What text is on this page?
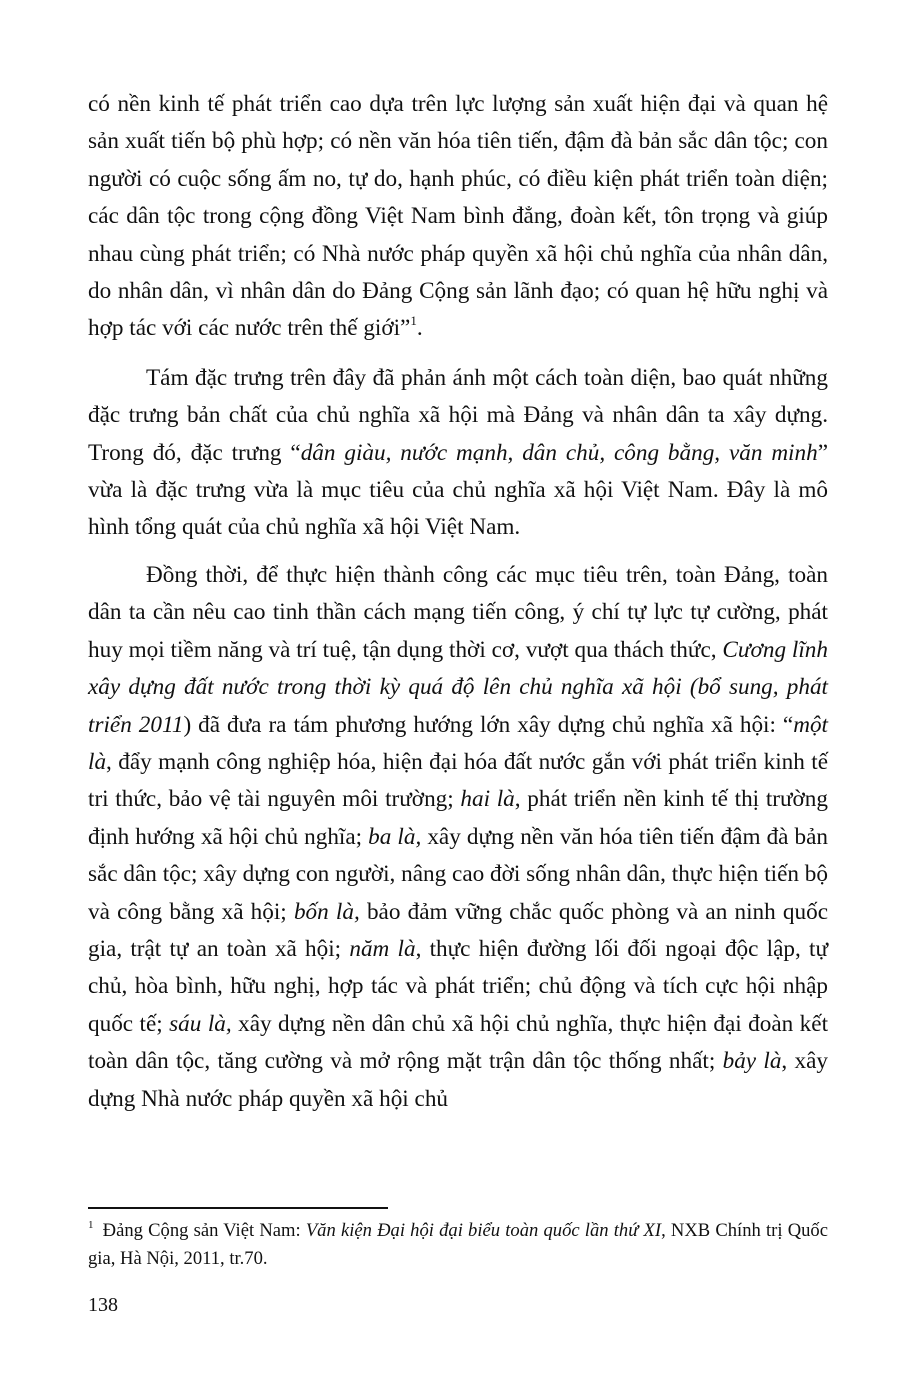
có nền kinh tế phát triển cao dựa trên lực lượng sản xuất hiện đại và quan hệ sản xuất tiến bộ phù hợp; có nền văn hóa tiên tiến, đậm đà bản sắc dân tộc; con người có cuộc sống ấm no, tự do, hạnh phúc, có điều kiện phát triển toàn diện; các dân tộc trong cộng đồng Việt Nam bình đẳng, đoàn kết, tôn trọng và giúp nhau cùng phát triển; có Nhà nước pháp quyền xã hội chủ nghĩa của nhân dân, do nhân dân, vì nhân dân do Đảng Cộng sản lãnh đạo; có quan hệ hữu nghị và hợp tác với các nước trên thế giới”$^1$.

Tám đặc trưng trên đây đã phản ánh một cách toàn diện, bao quát những đặc trưng bản chất của chủ nghĩa xã hội mà Đảng và nhân dân ta xây dựng. Trong đó, đặc trưng “dân giàu, nước mạnh, dân chủ, công bằng, văn minh” vừa là đặc trưng vừa là mục tiêu của chủ nghĩa xã hội Việt Nam. Đây là mô hình tổng quát của chủ nghĩa xã hội Việt Nam.

Đồng thời, để thực hiện thành công các mục tiêu trên, toàn Đảng, toàn dân ta cần nêu cao tinh thần cách mạng tiến công, ý chí tự lực tự cường, phát huy mọi tiềm năng và trí tuệ, tận dụng thời cơ, vượt qua thách thức, Cương lĩnh xây dựng đất nước trong thời kỳ quá độ lên chủ nghĩa xã hội (bổ sung, phát triển 2011) đã đưa ra tám phương hướng lớn xây dựng chủ nghĩa xã hội: “một là, đẩy mạnh công nghiệp hóa, hiện đại hóa đất nước gắn với phát triển kinh tế tri thức, bảo vệ tài nguyên môi trường; hai là, phát triển nền kinh tế thị trường định hướng xã hội chủ nghĩa; ba là, xây dựng nền văn hóa tiên tiến đậm đà bản sắc dân tộc; xây dựng con người, nâng cao đời sống nhân dân, thực hiện tiến bộ và công bằng xã hội; bốn là, bảo đảm vững chắc quốc phòng và an ninh quốc gia, trật tự an toàn xã hội; năm là, thực hiện đường lối đối ngoại độc lập, tự chủ, hòa bình, hữu nghị, hợp tác và phát triển; chủ động và tích cực hội nhập quốc tế; sáu là, xây dựng nền dân chủ xã hội chủ nghĩa, thực hiện đại đoàn kết toàn dân tộc, tăng cường và mở rộng mặt trận dân tộc thống nhất; bảy là, xây dựng Nhà nước pháp quyền xã hội chủ

$^1$ Đảng Cộng sản Việt Nam: Văn kiện Đại hội đại biểu toàn quốc lần thứ XI, NXB Chính trị Quốc gia, Hà Nội, 2011, tr.70.
138
